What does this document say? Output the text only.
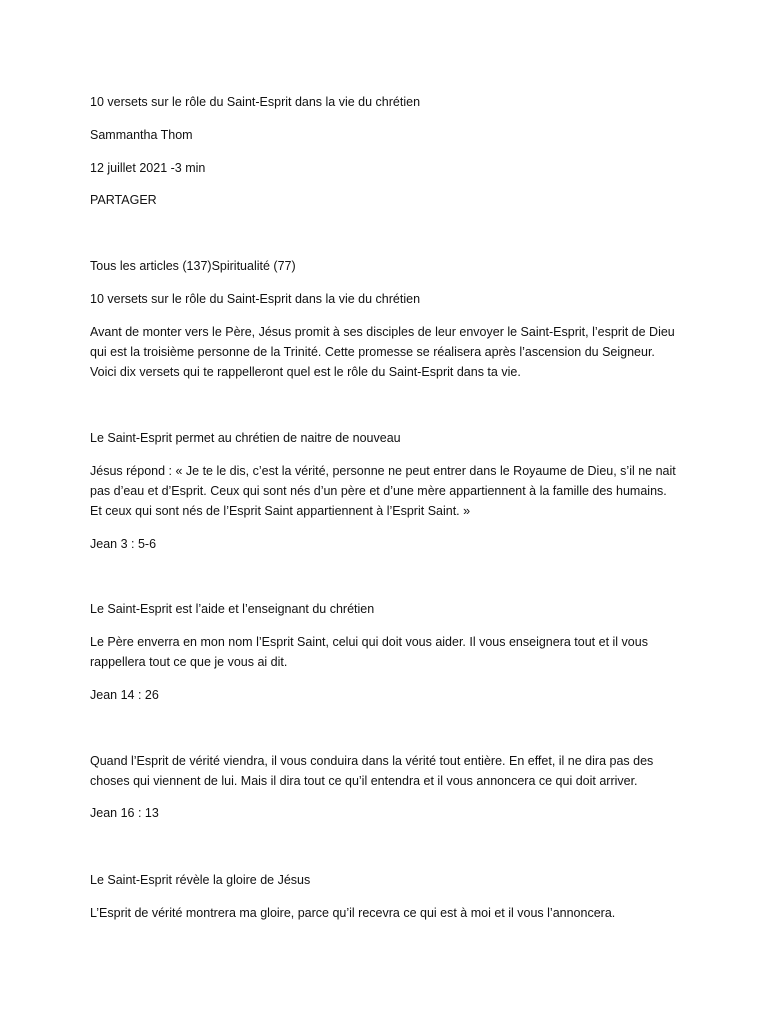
10 versets sur le rôle du Saint-Esprit dans la vie du chrétien

Sammantha Thom

12 juillet 2021 -3 min

PARTAGER

Tous les articles (137)Spiritualité (77)

10 versets sur le rôle du Saint-Esprit dans la vie du chrétien

Avant de monter vers le Père, Jésus promit à ses disciples de leur envoyer le Saint-Esprit, l’esprit de Dieu qui est la troisième personne de la Trinité. Cette promesse se réalisera après l’ascension du Seigneur. Voici dix versets qui te rappelleront quel est le rôle du Saint-Esprit dans ta vie.

Le Saint-Esprit permet au chrétien de naitre de nouveau

Jésus répond : « Je te le dis, c’est la vérité, personne ne peut entrer dans le Royaume de Dieu, s’il ne nait pas d’eau et d’Esprit. Ceux qui sont nés d’un père et d’une mère appartiennent à la famille des humains. Et ceux qui sont nés de l’Esprit Saint appartiennent à l’Esprit Saint. »

Jean 3 : 5-6

Le Saint-Esprit est l’aide et l’enseignant du chrétien

Le Père enverra en mon nom l’Esprit Saint, celui qui doit vous aider. Il vous enseignera tout et il vous rappellera tout ce que je vous ai dit.

Jean 14 : 26

Quand l’Esprit de vérité viendra, il vous conduira dans la vérité tout entière. En effet, il ne dira pas des choses qui viennent de lui. Mais il dira tout ce qu’il entendra et il vous annoncera ce qui doit arriver.

Jean 16 : 13

Le Saint-Esprit révèle la gloire de Jésus

L’Esprit de vérité montrera ma gloire, parce qu’il recevra ce qui est à moi et il vous l’annoncera.
